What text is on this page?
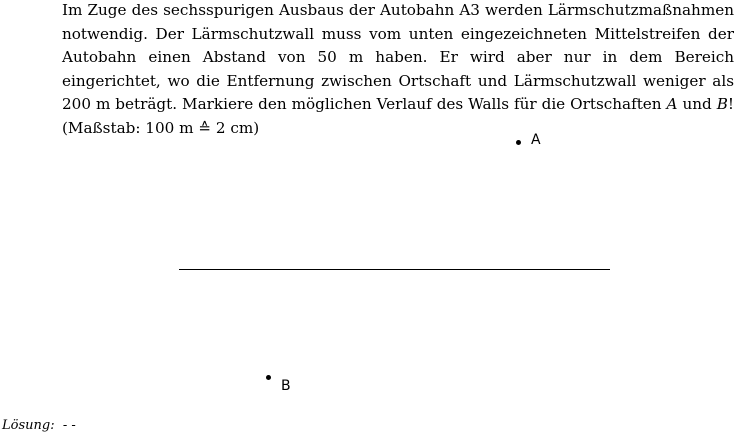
Im Zuge des sechsspurigen Ausbaus der Autobahn A3 werden Lärmschutzmaßnahmen notwendig. Der Lärmschutzwall muss vom unten eingezeichneten Mittelstreifen der Autobahn einen Abstand von 50 m haben. Er wird aber nur in dem Bereich eingerichtet, wo die Entfernung zwischen Ortschaft und Lärmschutzwall weniger als 200 m beträgt. Markiere den möglichen Verlauf des Walls für die Ortschaften A und B! (Maßstab: 100 m ≙ 2 cm)
A
B
Lösung: - -
